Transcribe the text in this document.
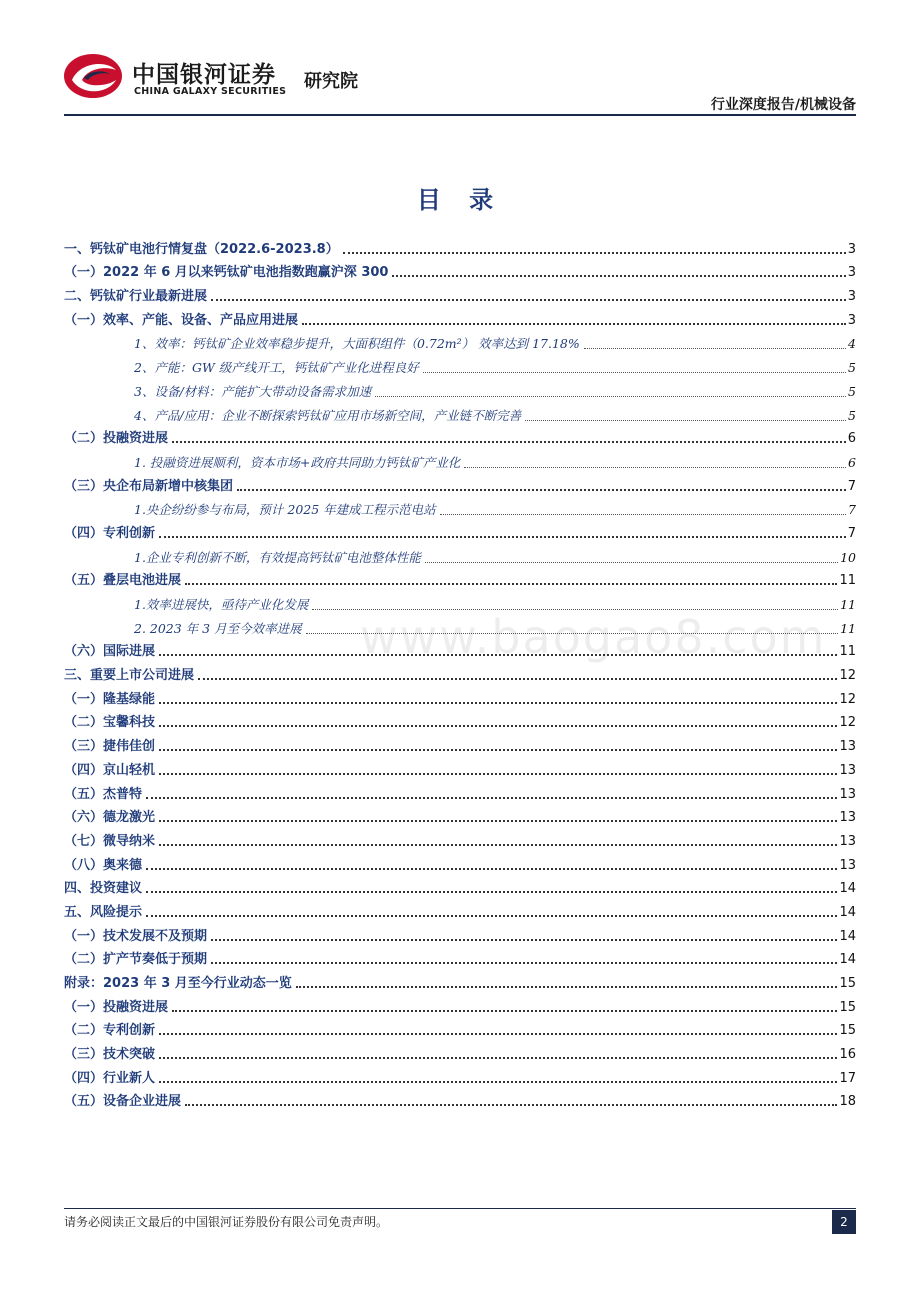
中国银河证券
CHINA GALAXY SECURITIES 研究院
行业深度报告/机械设备
目 录
www.baogao8.com
一、钙钛矿电池行情复盘（2022.6-2023.8）	3
（一）2022 年 6 月以来钙钛矿电池指数跑赢沪深 300	3
二、钙钛矿行业最新进展	3
（一）效率、产能、设备、产品应用进展	3
1、效率：钙钛矿企业效率稳步提升，大面积组件（0.72m²） 效率达到 17.18%	4
2、产能：GW 级产线开工，钙钛矿产业化进程良好	5
3、设备/材料：产能扩大带动设备需求加速	5
4、产品/应用：企业不断探索钙钛矿应用市场新空间，产业链不断完善	5
（二）投融资进展	6
1. 投融资进展顺利，资本市场+政府共同助力钙钛矿产业化	6
（三）央企布局新增中核集团	7
1.央企纷纷参与布局，预计 2025 年建成工程示范电站	7
（四）专利创新	7
1.企业专利创新不断，有效提高钙钛矿电池整体性能	10
（五）叠层电池进展	11
1.效率进展快，亟待产业化发展	11
2. 2023 年 3 月至今效率进展	11
（六）国际进展	11
三、重要上市公司进展	12
（一）隆基绿能	12
（二）宝馨科技	12
（三）捷伟佳创	13
（四）京山轻机	13
（五）杰普特	13
（六）德龙激光	13
（七）微导纳米	13
（八）奥来德	13
四、投资建议	14
五、风险提示	14
（一）技术发展不及预期	14
（二）扩产节奏低于预期	14
附录：2023 年 3 月至今行业动态一览	15
（一）投融资进展	15
（二）专利创新	15
（三）技术突破	16
（四）行业新人	17
（五）设备企业进展	18
请务必阅读正文最后的中国银河证券股份有限公司免责声明。	2
